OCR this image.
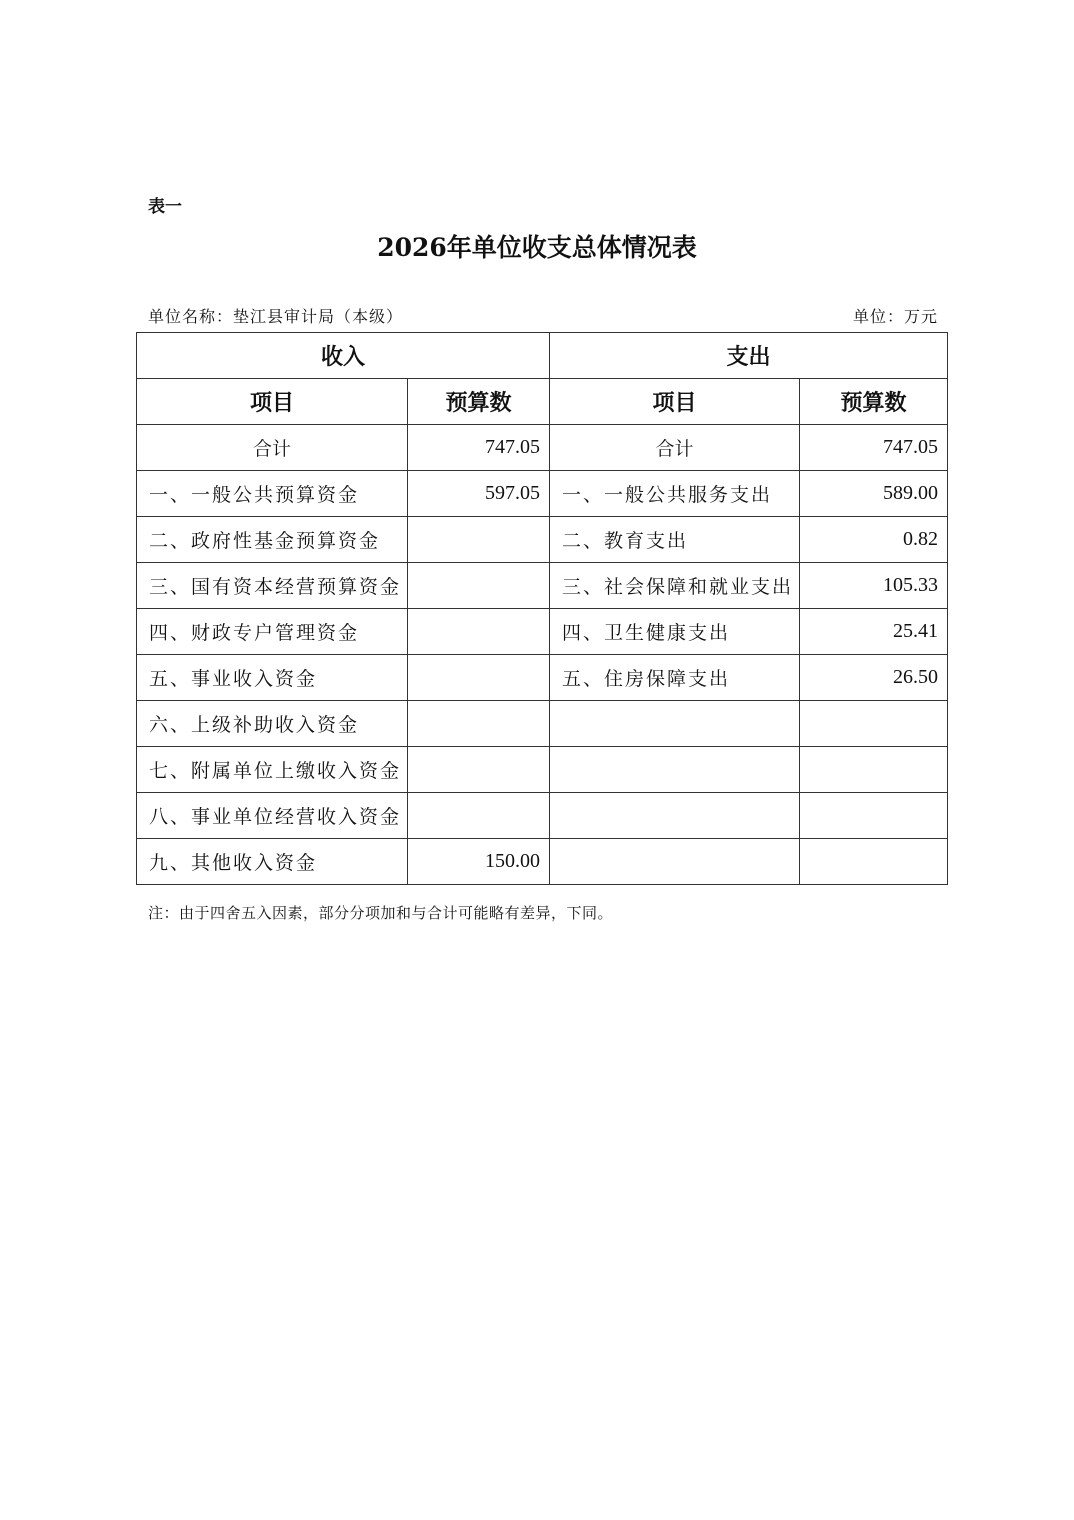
表一
2026年单位收支总体情况表
单位名称：垫江县审计局（本级）	单位：万元
收入		支出	
项目	预算数	项目	预算数
合计	747.05	合计	747.05
一、一般公共预算资金	597.05	一、一般公共服务支出	589.00
二、政府性基金预算资金		二、教育支出	0.82
三、国有资本经营预算资金		三、社会保障和就业支出	105.33
四、财政专户管理资金		四、卫生健康支出	25.41
五、事业收入资金		五、住房保障支出	26.50
六、上级补助收入资金			
七、附属单位上缴收入资金			
八、事业单位经营收入资金			
九、其他收入资金	150.00		
注：由于四舍五入因素，部分分项加和与合计可能略有差异，下同。
